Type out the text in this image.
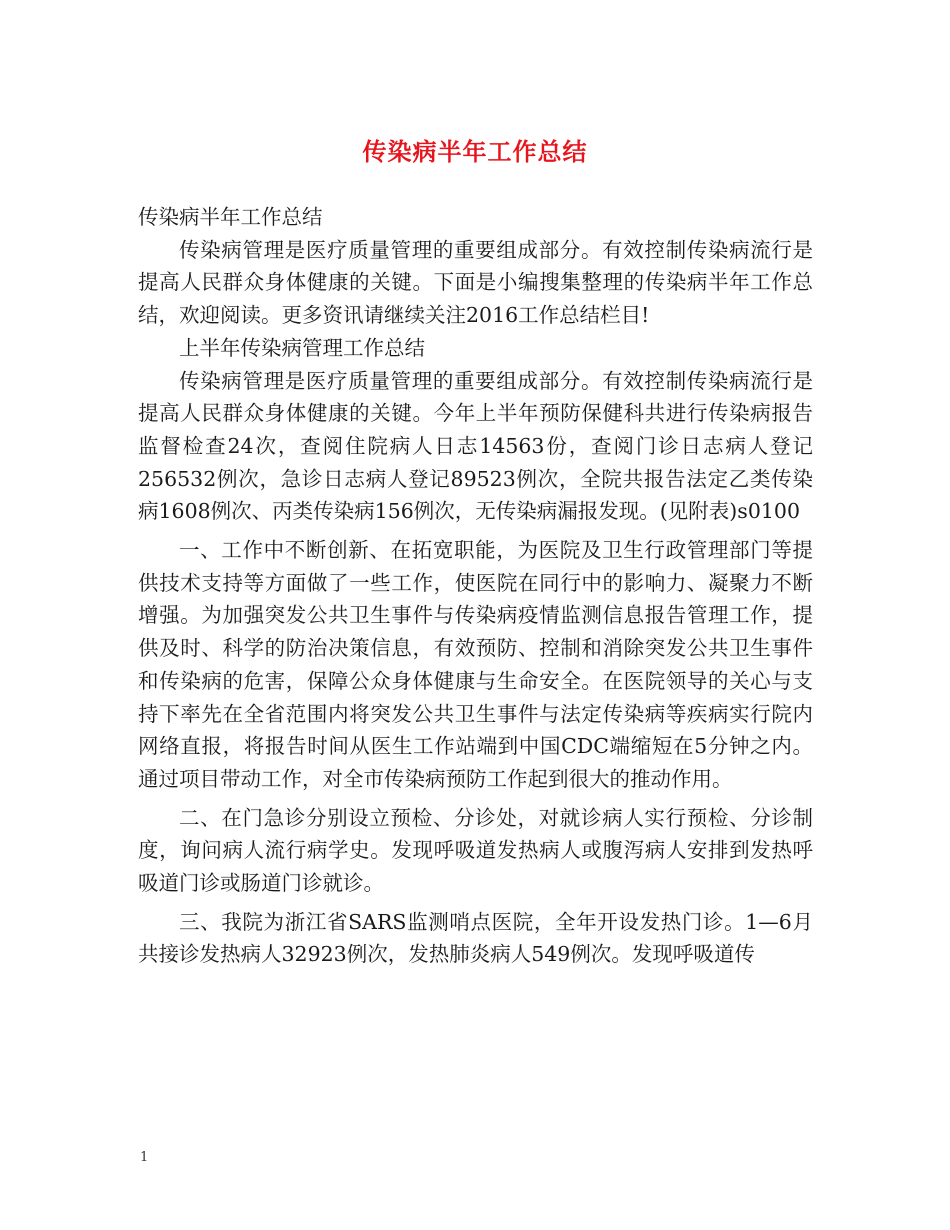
传染病半年工作总结

传染病半年工作总结

传染病管理是医疗质量管理的重要组成部分。有效控制传染病流行是提高人民群众身体健康的关键。下面是小编搜集整理的传染病半年工作总结，欢迎阅读。更多资讯请继续关注2016工作总结栏目!

上半年传染病管理工作总结

传染病管理是医疗质量管理的重要组成部分。有效控制传染病流行是提高人民群众身体健康的关键。今年上半年预防保健科共进行传染病报告监督检查24次，查阅住院病人日志14563份，查阅门诊日志病人登记256532例次，急诊日志病人登记89523例次，全院共报告法定乙类传染病1608例次、丙类传染病156例次，无传染病漏报发现。(见附表)s0100

一、工作中不断创新、在拓宽职能，为医院及卫生行政管理部门等提供技术支持等方面做了一些工作，使医院在同行中的影响力、凝聚力不断增强。为加强突发公共卫生事件与传染病疫情监测信息报告管理工作，提供及时、科学的防治决策信息，有效预防、控制和消除突发公共卫生事件和传染病的危害，保障公众身体健康与生命安全。在医院领导的关心与支持下率先在全省范围内将突发公共卫生事件与法定传染病等疾病实行院内网络直报，将报告时间从医生工作站端到中国CDC端缩短在5分钟之内。通过项目带动工作，对全市传染病预防工作起到很大的推动作用。

二、在门急诊分别设立预检、分诊处，对就诊病人实行预检、分诊制度，询问病人流行病学史。发现呼吸道发热病人或腹泻病人安排到发热呼吸道门诊或肠道门诊就诊。

三、我院为浙江省SARS监测哨点医院，全年开设发热门诊。1—6月共接诊发热病人32923例次，发热肺炎病人549例次。发现呼吸道传

1
